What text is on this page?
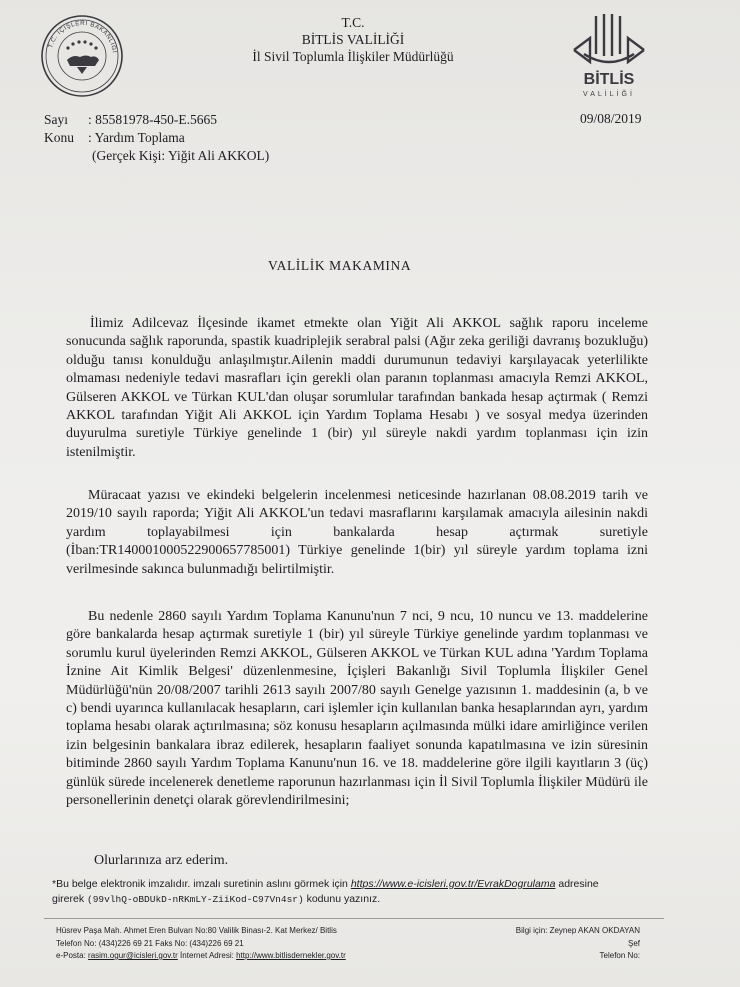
T.C. İÇİŞLERİ BAKANLIĞI
T.C.
BİTLİS VALİLİĞİ
İl Sivil Toplumla İlişkiler Müdürlüğü
BİTLİS
VALİLİĞİ
Sayı : 85581978-450-E.5665
Konu : Yardım Toplama
(Gerçek Kişi: Yiğit Ali AKKOL)
09/08/2019
VALİLİK MAKAMINA
İlimiz Adilcevaz İlçesinde ikamet etmekte olan Yiğit Ali AKKOL sağlık raporu inceleme sonucunda sağlık raporunda, spastik kuadriplejik serabral palsi (Ağır zeka geriliği davranış bozukluğu) olduğu tanısı konulduğu anlaşılmıştır.Ailenin maddi durumunun tedaviyi karşılayacak yeterlilikte olmaması nedeniyle tedavi masrafları için gerekli olan paranın toplanması amacıyla Remzi AKKOL, Gülseren AKKOL ve Türkan KUL'dan oluşar sorumlular tarafından bankada hesap açtırmak ( Remzi AKKOL tarafından Yiğit Ali AKKOL için Yardım Toplama Hesabı ) ve sosyal medya üzerinden duyurulma suretiyle Türkiye genelinde 1 (bir) yıl süreyle nakdi yardım toplanması için izin istenilmiştir.
Müracaat yazısı ve ekindeki belgelerin incelenmesi neticesinde hazırlanan 08.08.2019 tarih ve 2019/10 sayılı raporda; Yiğit Ali AKKOL'un tedavi masraflarını karşılamak amacıyla ailesinin nakdi yardım toplayabilmesi için bankalarda hesap açtırmak suretiyle (İban:TR140001000522900657785001) Türkiye genelinde 1(bir) yıl süreyle yardım toplama izni verilmesinde sakınca bulunmadığı belirtilmiştir.
Bu nedenle 2860 sayılı Yardım Toplama Kanunu'nun 7 nci, 9 ncu, 10 nuncu ve 13. maddelerine göre bankalarda hesap açtırmak suretiyle 1 (bir) yıl süreyle Türkiye genelinde yardım toplanması ve sorumlu kurul üyelerinden Remzi AKKOL, Gülseren AKKOL ve Türkan KUL adına 'Yardım Toplama İznine Ait Kimlik Belgesi' düzenlenmesine, İçişleri Bakanlığı Sivil Toplumla İlişkiler Genel Müdürlüğü'nün 20/08/2007 tarihli 2613 sayılı 2007/80 sayılı Genelge yazısının 1. maddesinin (a, b ve c) bendi uyarınca kullanılacak hesapların, cari işlemler için kullanılan banka hesaplarından ayrı, yardım toplama hesabı olarak açtırılmasına; söz konusu hesapların açılmasında mülki idare amirliğince verilen izin belgesinin bankalara ibraz edilerek, hesapların faaliyet sonunda kapatılmasına ve izin süresinin bitiminde 2860 sayılı Yardım Toplama Kanunu'nun 16. ve 18. maddelerine göre ilgili kayıtların 3 (üç) günlük sürede incelenerek denetleme raporunun hazırlanması için İl Sivil Toplumla İlişkiler Müdürü ile personellerinin denetçi olarak görevlendirilmesini;
Olurlarınıza arz ederim.
*Bu belge elektronik imzalıdır. imzalı suretinin aslını görmek için https://www.e-icisleri.gov.tr/EvrakDogrulama adresine
girerek (99vlhQ-oBDUkD-nRKmLY-ZiiKod-C97Vn4sr) kodunu yazınız.
Hüsrev Paşa Mah. Ahmet Eren Bulvarı No:80 Valilik Binası-2. Kat Merkez/ Bitlis
Telefon No: (434)226 69 21 Faks No: (434)226 69 21
e-Posta: rasim.ogur@icisleri.gov.tr İnternet Adresi: http://www.bitlisdernekler.gov.tr
Bilgi için: Zeynep AKAN OKDAYAN
Şef
Telefon No:
